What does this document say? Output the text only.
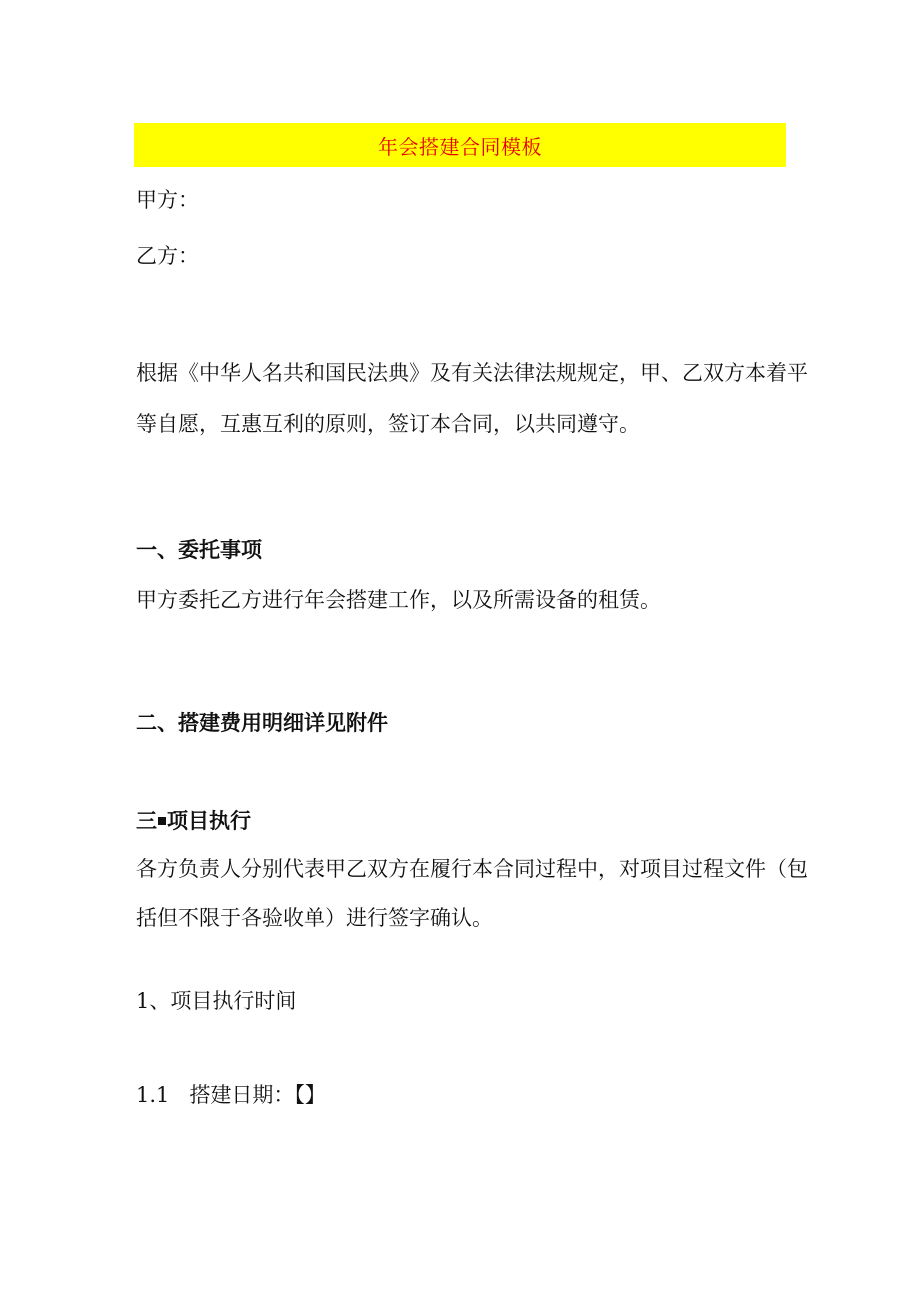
年会搭建合同模板
甲方：
乙方：
根据《中华人名共和国民法典》及有关法律法规规定，甲、乙双方本着平
等自愿，互惠互利的原则，签订本合同，以共同遵守。
一、委托事项
甲方委托乙方进行年会搭建工作，以及所需设备的租赁。
二、搭建费用明细详见附件
三 项目执行
各方负责人分别代表甲乙双方在履行本合同过程中，对项目过程文件（包
括但不限于各验收单）进行签字确认。
1、项目执行时间
1.1 搭建日期：【】
